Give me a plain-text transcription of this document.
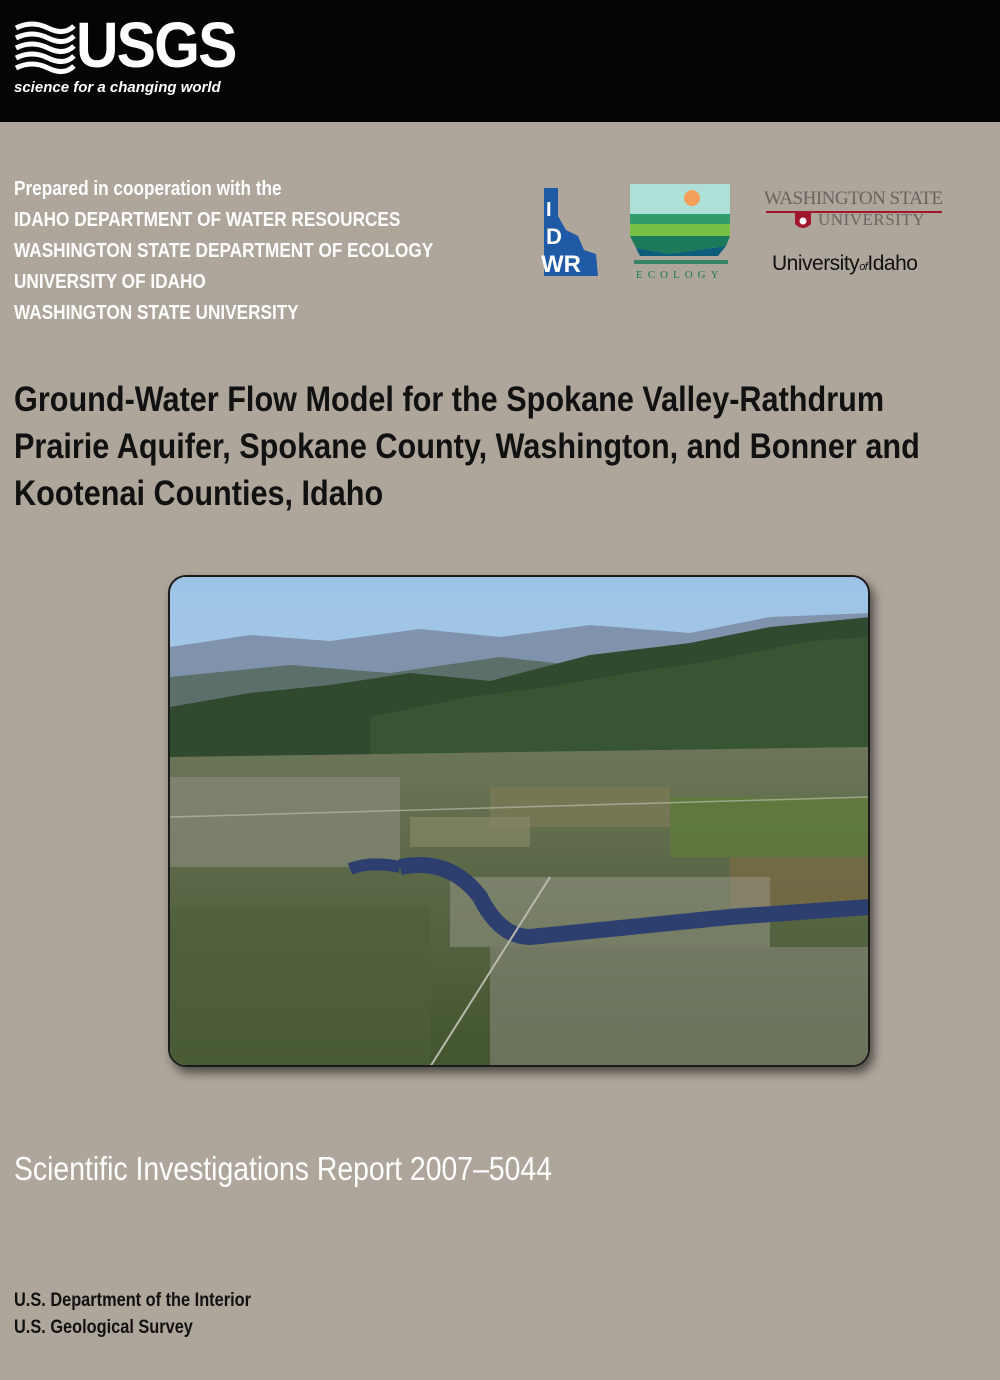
USGS
science for a changing world
Prepared in cooperation with the
IDAHO DEPARTMENT OF WATER RESOURCES
WASHINGTON STATE DEPARTMENT OF ECOLOGY
UNIVERSITY OF IDAHO
WASHINGTON STATE UNIVERSITY
I
D
WR	ECOLOGY
WASHINGTON STATE
UNIVERSITY
UniversityofIdaho
Ground-Water Flow Model for the Spokane Valley-Rathdrum Prairie Aquifer, Spokane County, Washington, and Bonner and Kootenai Counties, Idaho
Scientific Investigations Report 2007–5044
U.S. Department of the Interior
U.S. Geological Survey
